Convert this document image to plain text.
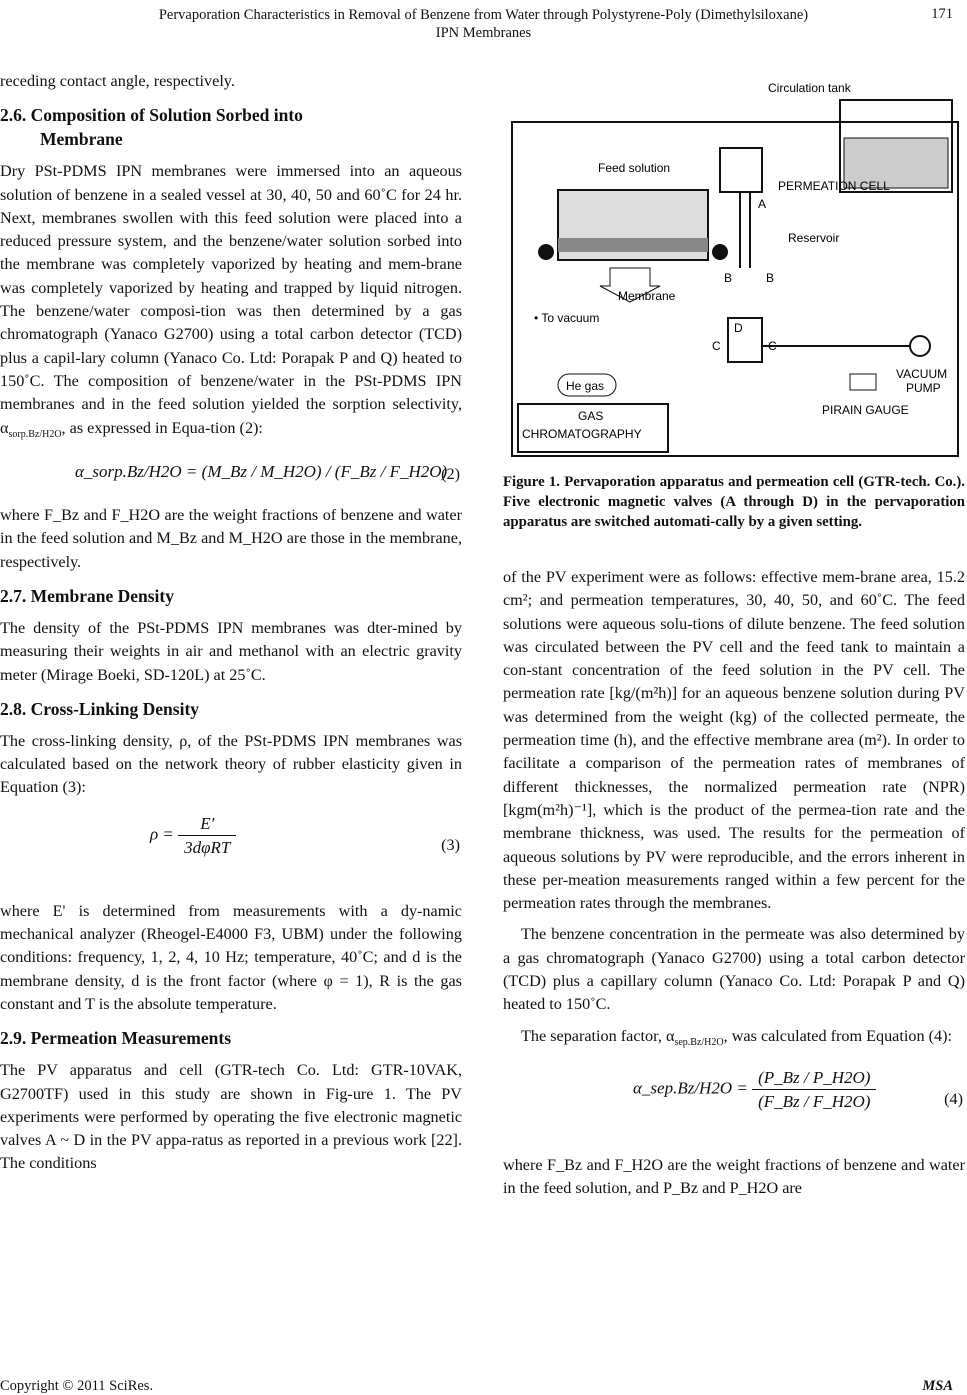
Pervaporation Characteristics in Removal of Benzene from Water through Polystyrene-Poly (Dimethylsiloxane)
IPN Membranes
171

receding contact angle, respectively.

2.6. Composition of Solution Sorbed into
Membrane

Dry PSt-PDMS IPN membranes were immersed into an aqueous solution of benzene in a sealed vessel at 30, 40, 50 and 60˚C for 24 hr. Next, membranes swollen with this feed solution were placed into a reduced pressure system, and the benzene/water solution sorbed into the membrane was completely vaporized by heating and mem-brane was completely vaporized by heating and trapped by liquid nitrogen. The benzene/water composi-tion was then determined by a gas chromatograph (Yanaco G2700) using a total carbon detector (TCD) plus a capil-lary column (Yanaco Co. Ltd: Porapak P and Q) heated to 150˚C. The composition of benzene/water in the PSt-PDMS IPN membranes and in the feed solution yielded the sorption selectivity, $\alpha_{sorp.Bz/H2O}$, as expressed in Equa-tion (2):

α_sorp.Bz/H2O = (M_Bz / M_H2O) / (F_Bz / F_H2O)
(2)

where F_Bz and F_H2O are the weight fractions of benzene and water in the feed solution and M_Bz and M_H2O are those in the membrane, respectively.

2.7. Membrane Density

The density of the PSt-PDMS IPN membranes was dter-mined by measuring their weights in air and methanol with an electric gravity meter (Mirage Boeki, SD-120L) at 25˚C.

2.8. Cross-Linking Density

The cross-linking density, ρ, of the PSt-PDMS IPN membranes was calculated based on the network theory of rubber elasticity given in Equation (3):

$\rho = \frac{E'}{\text{3dφRT}}$	(3)

where E' is determined from measurements with a dy-namic mechanical analyzer (Rheogel-E4000 F3, UBM) under the following conditions: frequency, 1, 2, 4, 10 Hz; temperature, 40˚C; and d is the membrane density, d is the front factor (where φ = 1), R is the gas constant and T is the absolute temperature.

2.9. Permeation Measurements

The PV apparatus and cell (GTR-tech Co. Ltd: GTR-10VAK, G2700TF) used in this study are shown in Fig-ure 1. The PV experiments were performed by operating the five electronic magnetic valves A ~ D in the PV appa-ratus as reported in a previous work [22]. The conditions

Circulation tank
Feed solution
PERMEATION CELL
Reservoir
Membrane
• To vacuum
A
B	B
D
C	C
VACUUM
PUMP
PIRAIN GAUGE
He gas
GAS
CHROMATOGRAPHY

Figure 1. Pervaporation apparatus and permeation cell (GTR-tech. Co.). Five electronic magnetic valves (A through D) in the pervaporation apparatus are switched automati-cally by a given setting.

of the PV experiment were as follows: effective mem-brane area, 15.2 cm²; and permeation temperatures, 30, 40, 50, and 60˚C. The feed solutions were aqueous solu-tions of dilute benzene. The feed solution was circulated between the PV cell and the feed tank to maintain a con-stant concentration of the feed solution in the PV cell. The permeation rate [kg/(m²h)] for an aqueous benzene solution during PV was determined from the weight (kg) of the collected permeate, the permeation time (h), and the effective membrane area (m²). In order to facilitate a comparison of the permeation rates of membranes of different thicknesses, the normalized permeation rate (NPR) [kgm(m²h)⁻¹], which is the product of the permea-tion rate and the membrane thickness, was used. The results for the permeation of aqueous solutions by PV were reproducible, and the errors inherent in these per-meation measurements ranged within a few percent for the permeation rates through the membranes.

The benzene concentration in the permeate was also determined by a gas chromatograph (Yanaco G2700) using a total carbon detector (TCD) plus a capillary column (Yanaco Co. Ltd: Porapak P and Q) heated to 150˚C.

The separation factor, $\alpha_{sep.Bz/H2O}$, was calculated from Equation (4):

α_sep.Bz/H2O = $\frac{(P\_Bz / P\_H2O)}{(F\_Bz / F\_H2O)}$	(4)

where F_Bz and F_H2O are the weight fractions of benzene and water in the feed solution, and P_Bz and P_H2O are

Copyright © 2011 SciRes.	MSA
